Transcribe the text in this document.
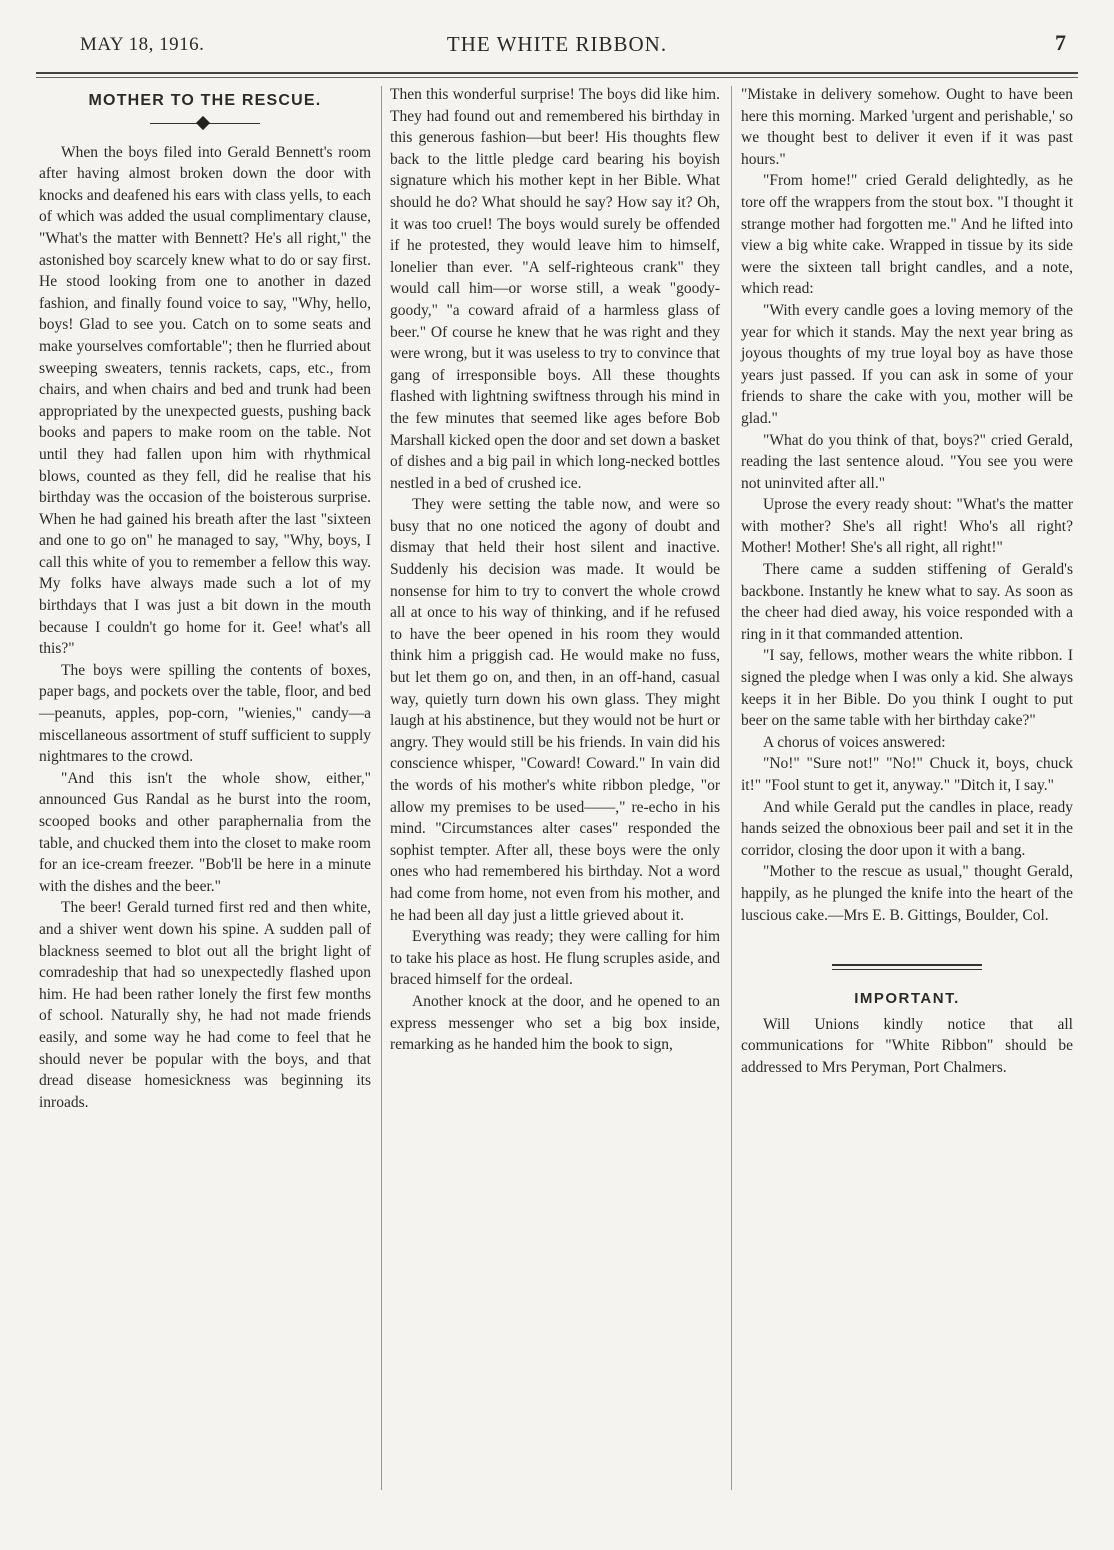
MAY 18, 1916.	THE WHITE RIBBON.	7
MOTHER TO THE RESCUE.

When the boys filed into Gerald Bennett's room after having almost broken down the door with knocks and deafened his ears with class yells, to each of which was added the usual complimentary clause, "What's the matter with Bennett? He's all right," the astonished boy scarcely knew what to do or say first. He stood looking from one to another in dazed fashion, and finally found voice to say, "Why, hello, boys! Glad to see you. Catch on to some seats and make yourselves comfortable"; then he flurried about sweeping sweaters, tennis rackets, caps, etc., from chairs, and when chairs and bed and trunk had been appropriated by the unexpected guests, pushing back books and papers to make room on the table. Not until they had fallen upon him with rhythmical blows, counted as they fell, did he realise that his birthday was the occasion of the boisterous surprise. When he had gained his breath after the last "sixteen and one to go on" he managed to say, "Why, boys, I call this white of you to remember a fellow this way. My folks have always made such a lot of my birthdays that I was just a bit down in the mouth because I couldn't go home for it. Gee! what's all this?"

The boys were spilling the contents of boxes, paper bags, and pockets over the table, floor, and bed—peanuts, apples, pop-corn, "wienies," candy—a miscellaneous assortment of stuff sufficient to supply nightmares to the crowd.

"And this isn't the whole show, either," announced Gus Randal as he burst into the room, scooped books and other paraphernalia from the table, and chucked them into the closet to make room for an ice-cream freezer. "Bob'll be here in a minute with the dishes and the beer."

The beer! Gerald turned first red and then white, and a shiver went down his spine. A sudden pall of blackness seemed to blot out all the bright light of comradeship that had so unexpectedly flashed upon him. He had been rather lonely the first few months of school. Naturally shy, he had not made friends easily, and some way he had come to feel that he should never be popular with the boys, and that dread disease homesickness was beginning its inroads.

Then this wonderful surprise! The boys did like him. They had found out and remembered his birthday in this generous fashion—but beer! His thoughts flew back to the little pledge card bearing his boyish signature which his mother kept in her Bible. What should he do? What should he say? How say it? Oh, it was too cruel! The boys would surely be offended if he protested, they would leave him to himself, lonelier than ever. "A self-righteous crank" they would call him—or worse still, a weak "goody-goody," "a coward afraid of a harmless glass of beer." Of course he knew that he was right and they were wrong, but it was useless to try to convince that gang of irresponsible boys. All these thoughts flashed with lightning swiftness through his mind in the few minutes that seemed like ages before Bob Marshall kicked open the door and set down a basket of dishes and a big pail in which long-necked bottles nestled in a bed of crushed ice.

They were setting the table now, and were so busy that no one noticed the agony of doubt and dismay that held their host silent and inactive. Suddenly his decision was made. It would be nonsense for him to try to convert the whole crowd all at once to his way of thinking, and if he refused to have the beer opened in his room they would think him a priggish cad. He would make no fuss, but let them go on, and then, in an off-hand, casual way, quietly turn down his own glass. They might laugh at his abstinence, but they would not be hurt or angry. They would still be his friends. In vain did his conscience whisper, "Coward! Coward." In vain did the words of his mother's white ribbon pledge, "or allow my premises to be used——," re-echo in his mind. "Circumstances alter cases" responded the sophist tempter. After all, these boys were the only ones who had remembered his birthday. Not a word had come from home, not even from his mother, and he had been all day just a little grieved about it.

Everything was ready; they were calling for him to take his place as host. He flung scruples aside, and braced himself for the ordeal.

Another knock at the door, and he opened to an express messenger who set a big box inside, remarking as he handed him the book to sign,

"Mistake in delivery somehow. Ought to have been here this morning. Marked 'urgent and perishable,' so we thought best to deliver it even if it was past hours."

"From home!" cried Gerald delightedly, as he tore off the wrappers from the stout box. "I thought it strange mother had forgotten me." And he lifted into view a big white cake. Wrapped in tissue by its side were the sixteen tall bright candles, and a note, which read:

"With every candle goes a loving memory of the year for which it stands. May the next year bring as joyous thoughts of my true loyal boy as have those years just passed. If you can ask in some of your friends to share the cake with you, mother will be glad."

"What do you think of that, boys?" cried Gerald, reading the last sentence aloud. "You see you were not uninvited after all."

Uprose the every ready shout: "What's the matter with mother? She's all right! Who's all right? Mother! Mother! She's all right, all right!"

There came a sudden stiffening of Gerald's backbone. Instantly he knew what to say. As soon as the cheer had died away, his voice responded with a ring in it that commanded attention.

"I say, fellows, mother wears the white ribbon. I signed the pledge when I was only a kid. She always keeps it in her Bible. Do you think I ought to put beer on the same table with her birthday cake?"

A chorus of voices answered:

"No!" "Sure not!" "No!" Chuck it, boys, chuck it!" "Fool stunt to get it, anyway." "Ditch it, I say."

And while Gerald put the candles in place, ready hands seized the obnoxious beer pail and set it in the corridor, closing the door upon it with a bang.

"Mother to the rescue as usual," thought Gerald, happily, as he plunged the knife into the heart of the luscious cake.—Mrs E. B. Gittings, Boulder, Col.

IMPORTANT.

Will Unions kindly notice that all communications for "White Ribbon" should be addressed to Mrs Peryman, Port Chalmers.
